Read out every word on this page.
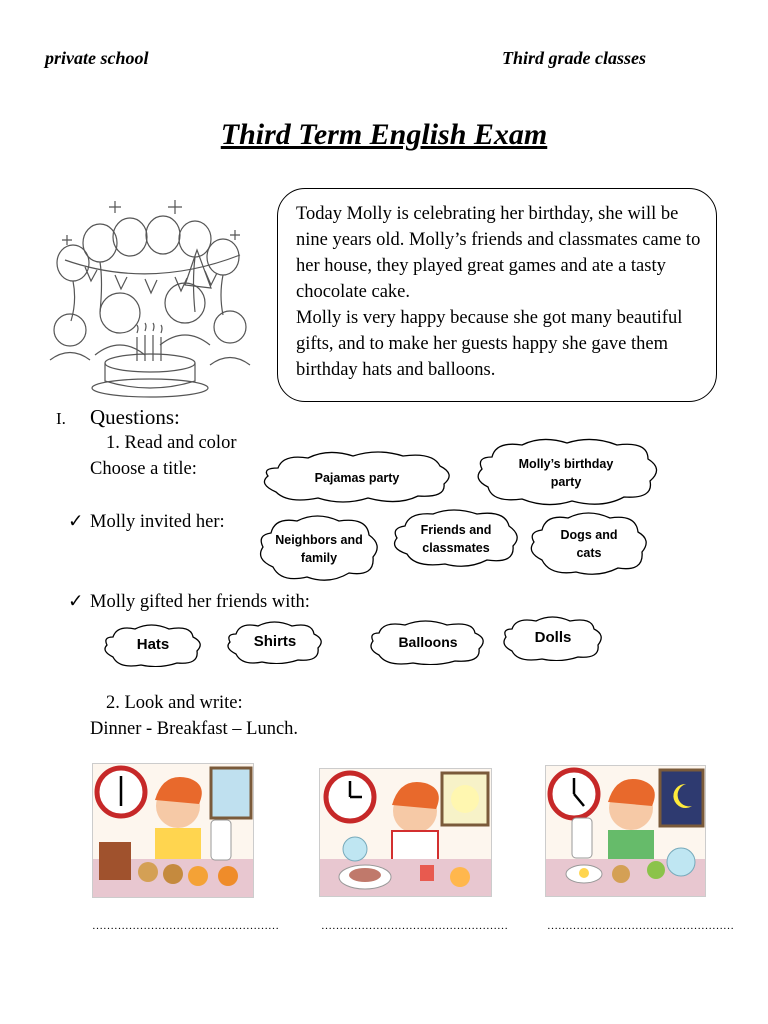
private school	Third grade classes
Third Term English Exam

Today Molly is celebrating her birthday, she will be nine years old. Molly’s friends and classmates came to her house, they played great games and ate a tasty chocolate cake.

Molly is very happy because she got many beautiful gifts, and to make her guests happy she gave them birthday hats and balloons.

I. Questions:
1. Read and color
Choose a title:	Pajamas party
Molly’s birthday party
✓ Molly invited her:
Neighbors and family
Friends and classmates
Dogs and cats
✓ Molly gifted her friends with:
Hats	Shirts	Balloons	Dolls
2. Look and write:
Dinner - Breakfast – Lunch.
……………………………………………	……………………………………………	……………………………………………
